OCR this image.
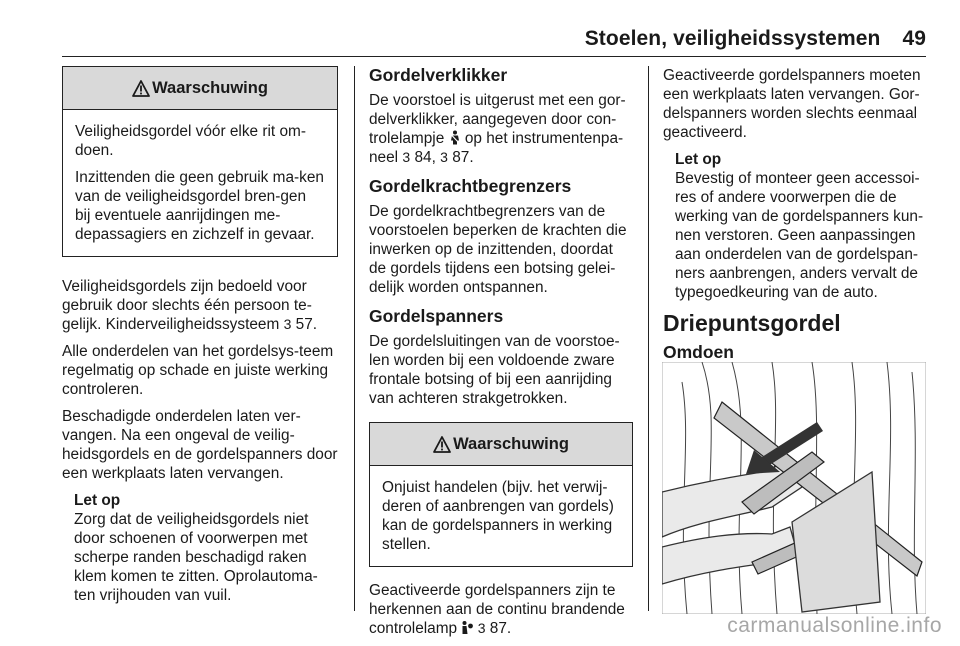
Stoelen, veiligheidssystemen 49
Waarschuwing

Veiligheidsgordel vóór elke rit om-doen.

Inzittenden die geen gebruik ma-ken van de veiligheidsgordel bren-gen bij eventuele aanrijdingen me-depassagiers en zichzelf in gevaar.

Veiligheidsgordels zijn bedoeld voor gebruik door slechts één persoon te-gelijk. Kinderveiligheidssysteem 3 57.

Alle onderdelen van het gordelsys-teem regelmatig op schade en juiste werking controleren.

Beschadigde onderdelen laten ver-vangen. Na een ongeval de veilig-heidsgordels en de gordelspanners door een werkplaats laten vervangen.

Let op
Zorg dat de veiligheidsgordels niet door schoenen of voorwerpen met scherpe randen beschadigd raken klem komen te zitten. Oprolautoma-ten vrijhouden van vuil.
Gordelverklikker

De voorstoel is uitgerust met een gor-delverklikker, aangegeven door con-trolelampje op het instrumentenpa-neel 3 84, 3 87.

Gordelkrachtbegrenzers

De gordelkrachtbegrenzers van de voorstoelen beperken de krachten die inwerken op de inzittenden, doordat de gordels tijdens een botsing gelei-delijk worden ontspannen.

Gordelspanners

De gordelsluitingen van de voorstoe-len worden bij een voldoende zware frontale botsing of bij een aanrijding van achteren strakgetrokken.

Waarschuwing

Onjuist handelen (bijv. het verwij-deren of aanbrengen van gordels) kan de gordelspanners in werking stellen.

Geactiveerde gordelspanners zijn te herkennen aan de continu brandende controlelamp 3 87.

Geactiveerde gordelspanners moeten een werkplaats laten vervangen. Gor-delspanners worden slechts eenmaal geactiveerd.

Let op
Bevestig of monteer geen accessoi-res of andere voorwerpen die de werking van de gordelspanners kun-nen verstoren. Geen aanpassingen aan onderdelen van de gordelspan-ners aanbrengen, anders vervalt de typegoedkeuring van de auto.
Driepuntsgordel
Omdoen
carmanualsonline.info
